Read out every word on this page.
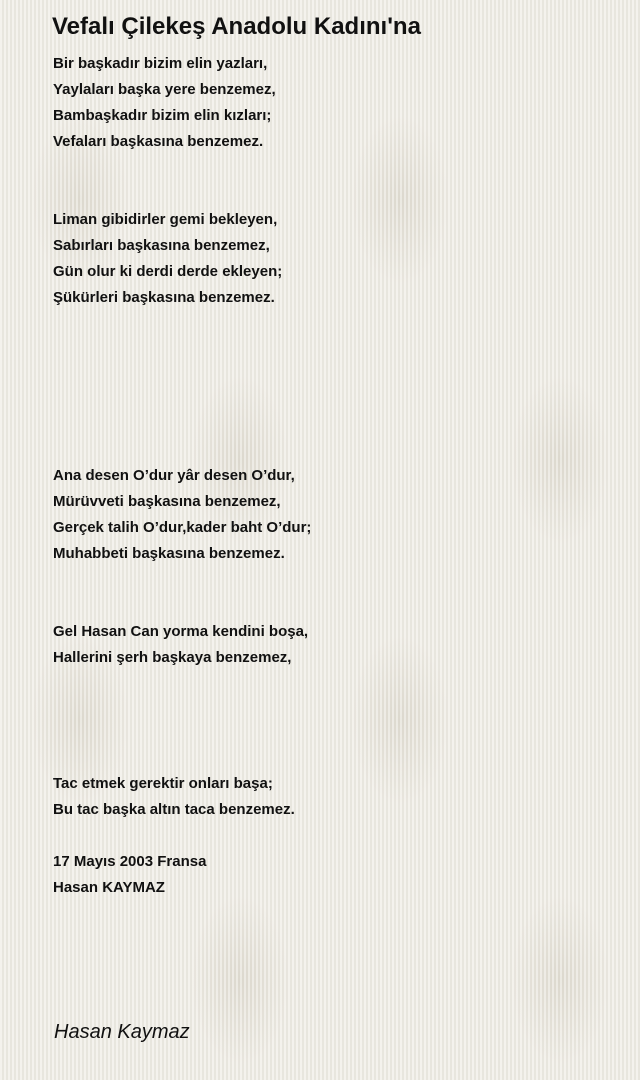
Vefalı Çilekeş Anadolu Kadını'na
Bir başkadır bizim elin yazları,
Yaylaları başka yere benzemez,
Bambaşkadır bizim elin kızları;
Vefaları başkasına benzemez.
Liman gibidirler gemi bekleyen,
Sabırları başkasına benzemez,
Gün olur ki derdi derde ekleyen;
Şükürleri başkasına benzemez.
Ana desen O’dur yâr desen O’dur,
Mürüvveti başkasına benzemez,
Gerçek talih O’dur,kader baht O’dur;
Muhabbeti başkasına benzemez.
Gel Hasan Can yorma kendini boşa,
Hallerini şerh başkaya benzemez,
Tac etmek gerektir onları başa;
Bu tac başka altın taca benzemez.
17 Mayıs 2003 Fransa
Hasan KAYMAZ
Hasan Kaymaz
